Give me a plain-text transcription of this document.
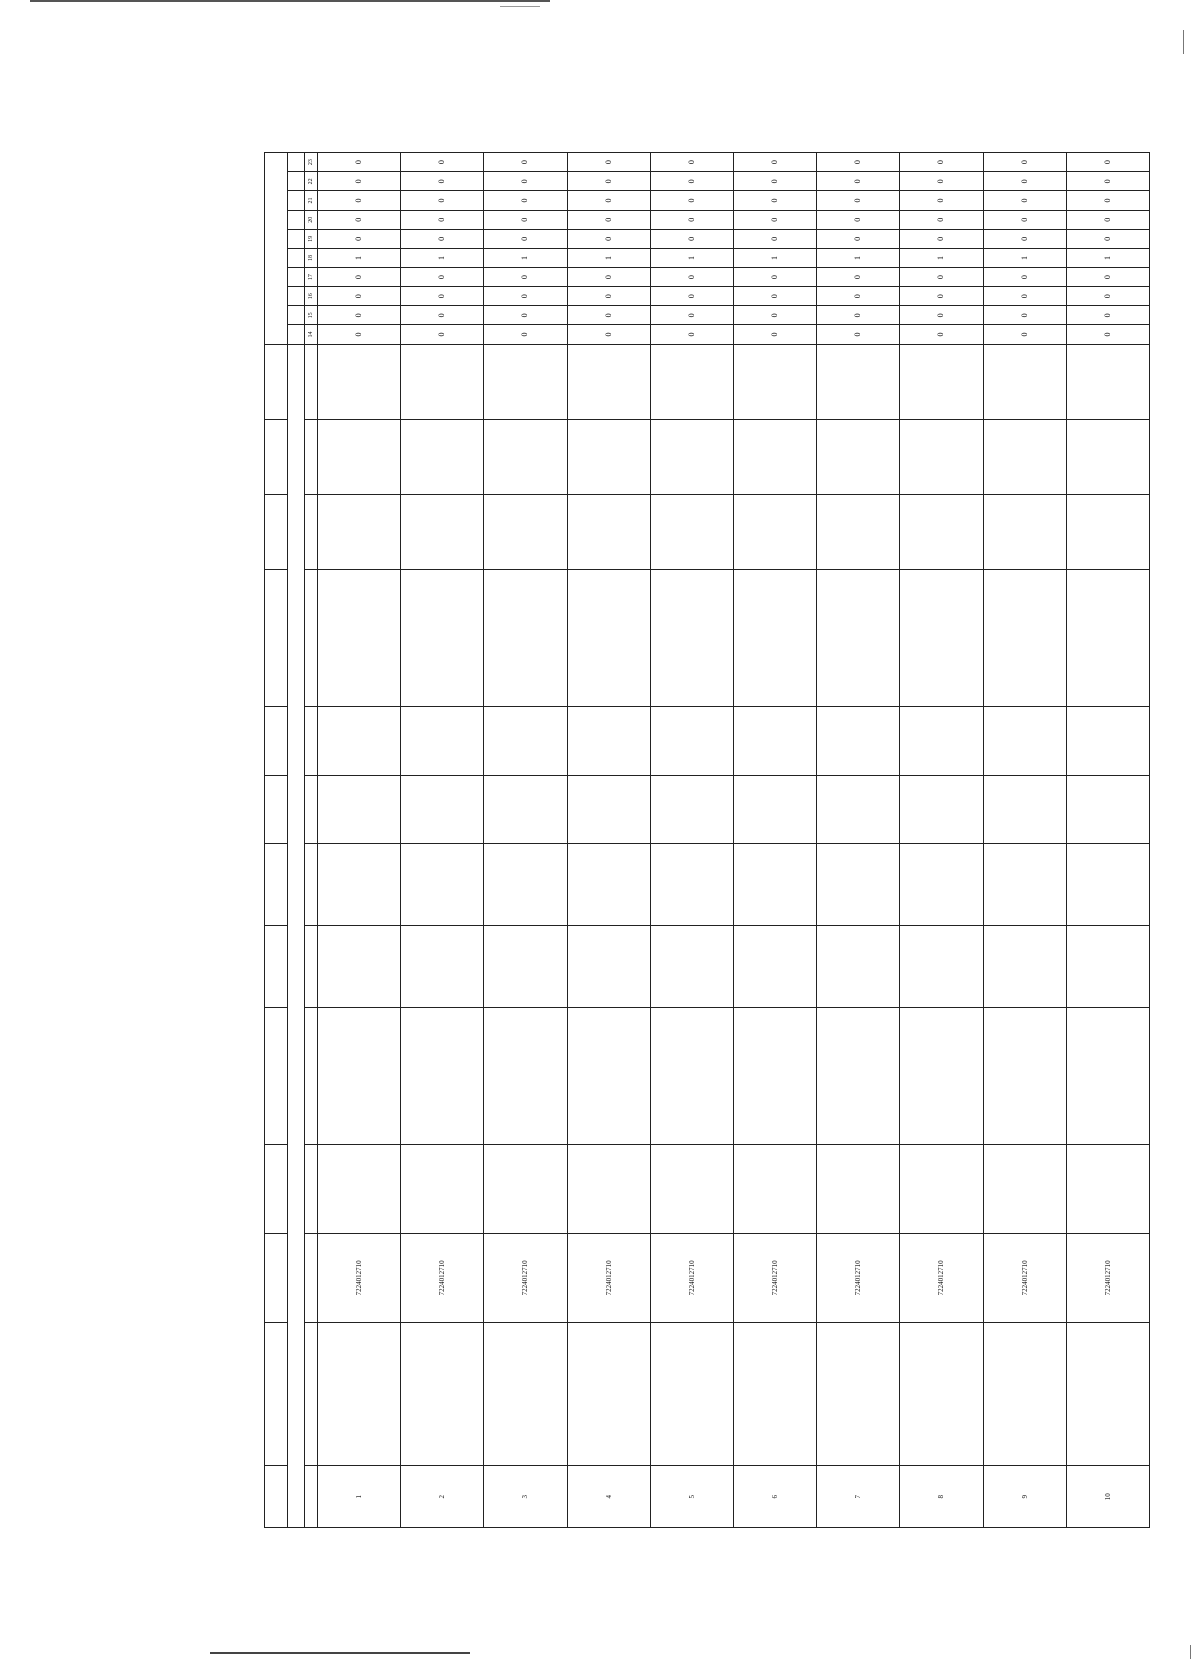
													14	15	16	17	18	19	20	21	22	23
1		7224012710											0	0	0	0	1	0	0	0	0	0
2		7224012710											0	0	0	0	1	0	0	0	0	0
3		7224012710											0	0	0	0	1	0	0	0	0	0
4		7224012710											0	0	0	0	1	0	0	0	0	0
5		7224012710											0	0	0	0	1	0	0	0	0	0
6		7224012710											0	0	0	0	1	0	0	0	0	0
7		7224012710											0	0	0	0	1	0	0	0	0	0
8		7224012710											0	0	0	0	1	0	0	0	0	0
9		7224012710											0	0	0	0	1	0	0	0	0	0
10		7224012710											0	0	0	0	1	0	0	0	0	0
